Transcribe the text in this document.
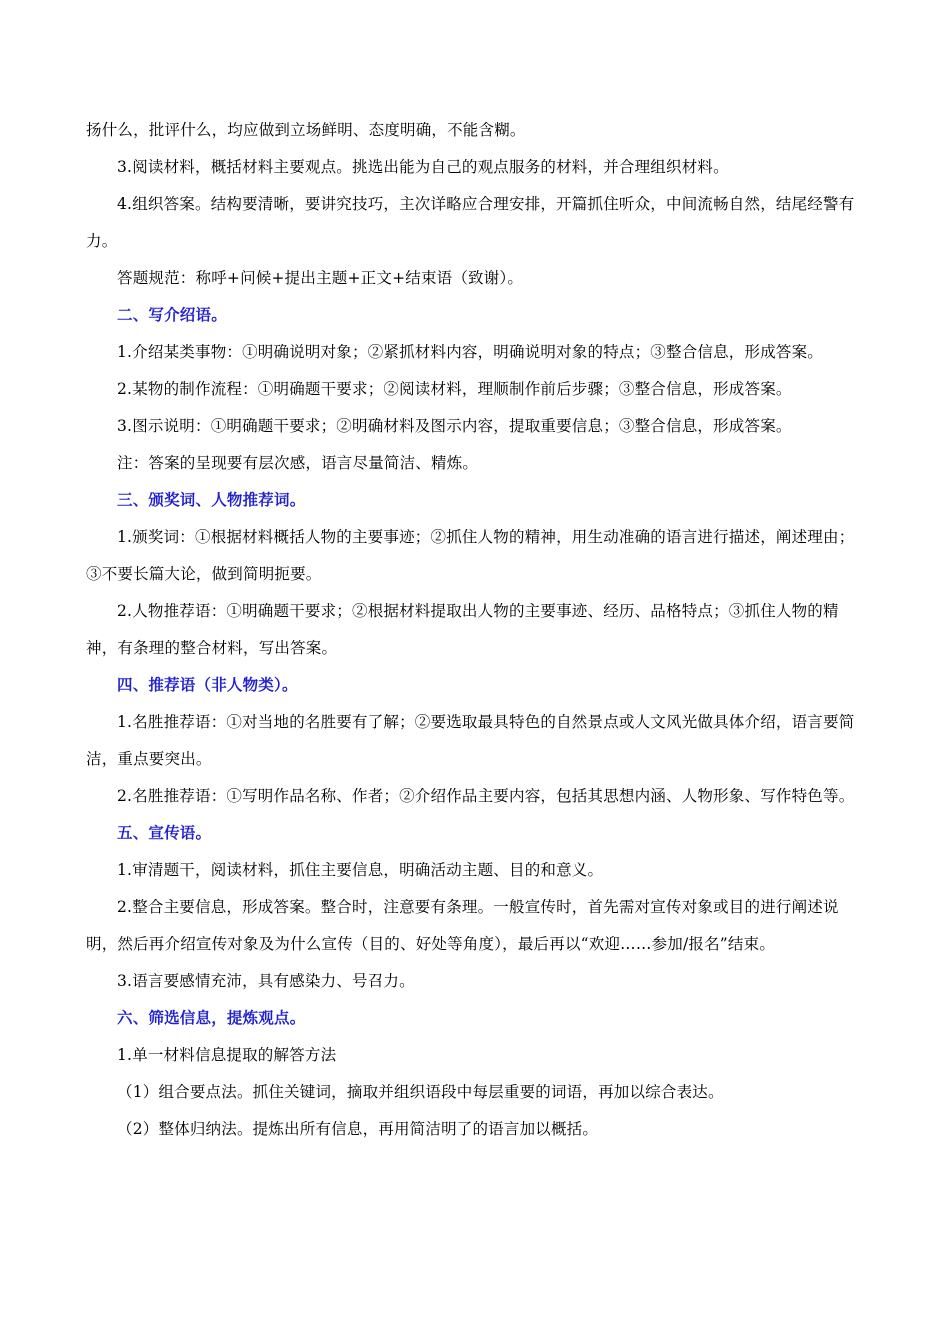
扬什么，批评什么，均应做到立场鲜明、态度明确，不能含糊。

3.阅读材料，概括材料主要观点。挑选出能为自己的观点服务的材料，并合理组织材料。

4.组织答案。结构要清晰，要讲究技巧，主次详略应合理安排，开篇抓住听众，中间流畅自然，结尾经警有力。

答题规范：称呼+问候+提出主题+正文+结束语（致谢）。

二、写介绍语。

1.介绍某类事物：①明确说明对象；②紧抓材料内容，明确说明对象的特点；③整合信息，形成答案。

2.某物的制作流程：①明确题干要求；②阅读材料，理顺制作前后步骤；③整合信息，形成答案。

3.图示说明：①明确题干要求；②明确材料及图示内容，提取重要信息；③整合信息，形成答案。

注：答案的呈现要有层次感，语言尽量简洁、精炼。

三、颁奖词、人物推荐词。

1.颁奖词：①根据材料概括人物的主要事迹；②抓住人物的精神，用生动准确的语言进行描述，阐述理由；③不要长篇大论，做到简明扼要。

2.人物推荐语：①明确题干要求；②根据材料提取出人物的主要事迹、经历、品格特点；③抓住人物的精神，有条理的整合材料，写出答案。

四、推荐语（非人物类）。

1.名胜推荐语：①对当地的名胜要有了解；②要选取最具特色的自然景点或人文风光做具体介绍，语言要简洁，重点要突出。

2.名胜推荐语：①写明作品名称、作者；②介绍作品主要内容，包括其思想内涵、人物形象、写作特色等。

五、宣传语。

1.审清题干，阅读材料，抓住主要信息，明确活动主题、目的和意义。

2.整合主要信息，形成答案。整合时，注意要有条理。一般宣传时，首先需对宣传对象或目的进行阐述说明，然后再介绍宣传对象及为什么宣传（目的、好处等角度），最后再以“欢迎……参加/报名”结束。

3.语言要感情充沛，具有感染力、号召力。

六、筛选信息，提炼观点。

1.单一材料信息提取的解答方法

（1）组合要点法。抓住关键词，摘取并组织语段中每层重要的词语，再加以综合表达。

（2）整体归纳法。提炼出所有信息，再用简洁明了的语言加以概括。
